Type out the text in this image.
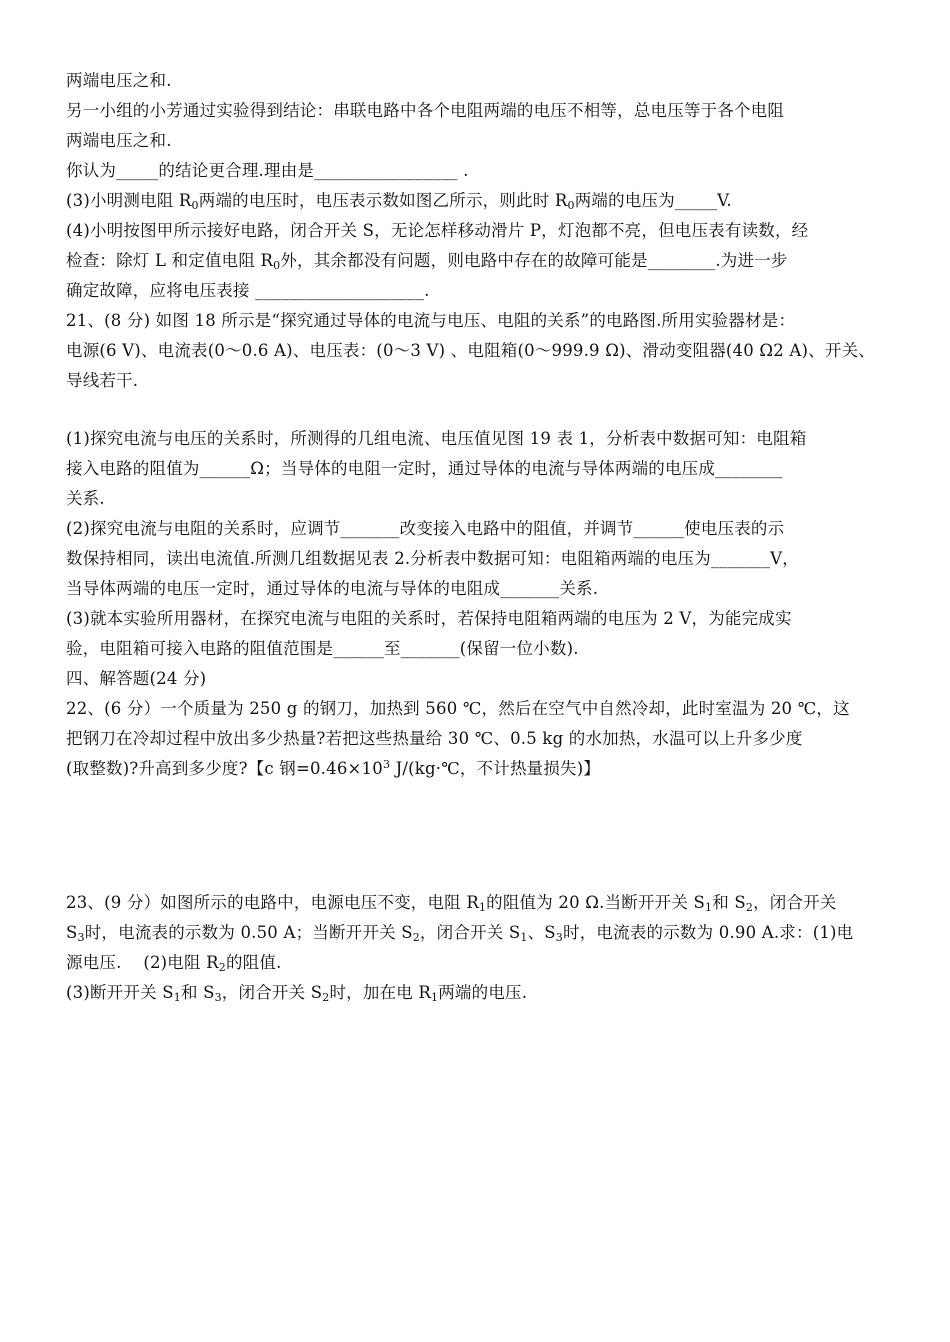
两端电压之和.

另一小组的小芳通过实验得到结论：串联电路中各个电阻两端的电压不相等，总电压等于各个电阻

两端电压之和.

你认为_____的结论更合理.理由是_________________ .

(3)小明测电阻 $R_0$两端的电压时，电压表示数如图乙所示，则此时 $R_0$两端的电压为_____V.

(4)小明按图甲所示接好电路，闭合开关 S，无论怎样移动滑片 P，灯泡都不亮，但电压表有读数，经

检查：除灯 L 和定值电阻 $R_0$外，其余都没有问题，则电路中存在的故障可能是________.为进一步

确定故障，应将电压表接 ____________________.

21、(8 分) 如图 18 所示是“探究通过导体的电流与电压、电阻的关系”的电路图.所用实验器材是：

电源(6 V)、电流表(0～0.6 A)、电压表：(0～3 V) 、电阻箱(0～999.9 Ω)、滑动变阻器(40 Ω2 A)、开关、

导线若干.

(1)探究电流与电压的关系时，所测得的几组电流、电压值见图 19 表 1，分析表中数据可知：电阻箱

接入电路的阻值为______Ω；当导体的电阻一定时，通过导体的电流与导体两端的电压成________

关系.

(2)探究电流与电阻的关系时，应调节_______改变接入电路中的阻值，并调节______使电压表的示

数保持相同，读出电流值.所测几组数据见表 2.分析表中数据可知：电阻箱两端的电压为_______V，

当导体两端的电压一定时，通过导体的电流与导体的电阻成_______关系.

(3)就本实验所用器材，在探究电流与电阻的关系时，若保持电阻箱两端的电压为 2 V，为能完成实

验，电阻箱可接入电路的阻值范围是______至_______(保留一位小数).

四、解答题(24 分)

22、(6 分）一个质量为 250 g 的钢刀，加热到 560 ℃，然后在空气中自然冷却，此时室温为 20 ℃，这

把钢刀在冷却过程中放出多少热量?若把这些热量给 30 ℃、0.5 kg 的水加热，水温可以上升多少度

(取整数)?升高到多少度?【c 钢$=0.46\times 10^3$ J/(kg·℃，不计热量损失)】

23、(9 分）如图所示的电路中，电源电压不变，电阻 $R_1$的阻值为 20 Ω.当断开开关 $S_1$和 $S_2$，闭合开关

$S_3$时，电流表的示数为 0.50 A；当断开开关 $S_2$，闭合开关 $S_1$、$S_3$时，电流表的示数为 0.90 A.求：(1)电

源电压.    (2)电阻 $R_2$的阻值.

(3)断开开关 $S_1$和 $S_3$，闭合开关 $S_2$时，加在电 $R_1$两端的电压.
